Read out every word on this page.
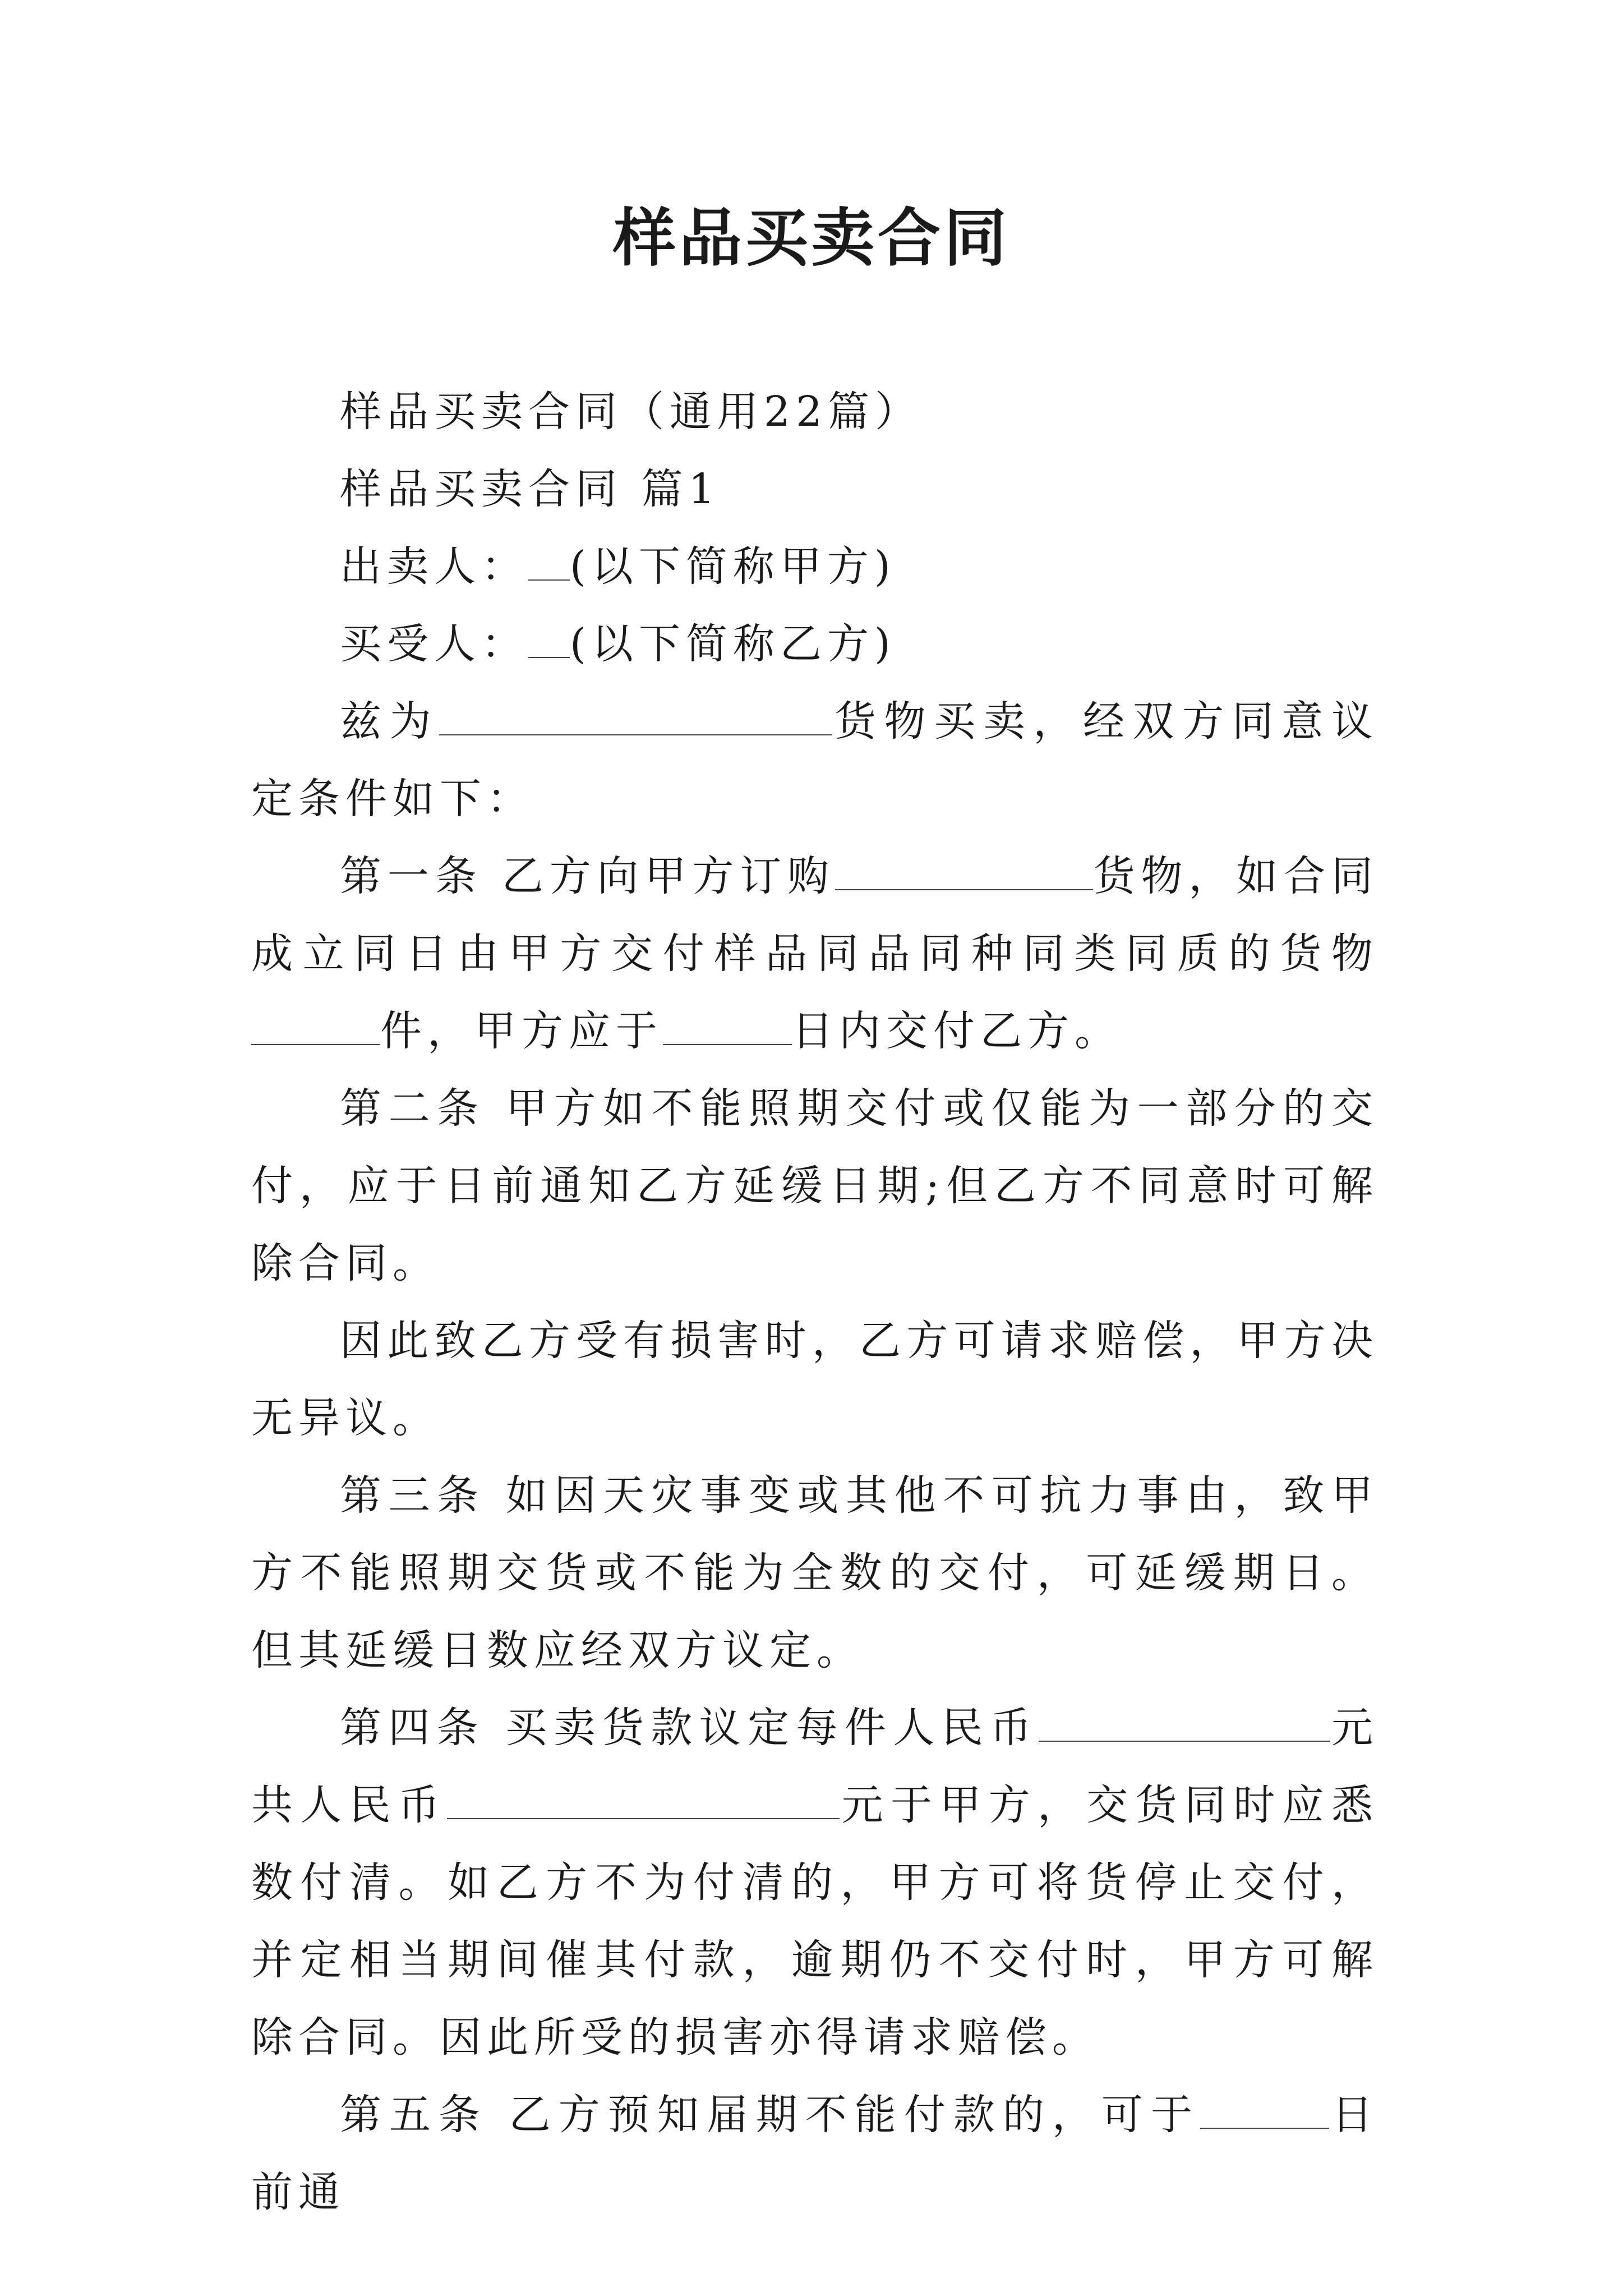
样品买卖合同

样品买卖合同（通用22篇）

样品买卖合同 篇1

出卖人： (以下简称甲方)

买受人： (以下简称乙方)

兹为	货物买卖，经双方同意议定条件如下：

第一条 乙方向甲方订购	货物，如合同成立同日由甲方交付样品同品同种同类同质的货物件，甲方应于	日内交付乙方。

第二条 甲方如不能照期交付或仅能为一部分的交付，应于日前通知乙方延缓日期;但乙方不同意时可解除合同。

因此致乙方受有损害时，乙方可请求赔偿，甲方决无异议。

第三条 如因天灾事变或其他不可抗力事由，致甲方不能照期交货或不能为全数的交付，可延缓期日。但其延缓日数应经双方议定。

第四条 买卖货款议定每件人民币	元共人民币	元于甲方，交货同时应悉数付清。如乙方不为付清的，甲方可将货停止交付，并定相当期间催其付款，逾期仍不交付时，甲方可解除合同。因此所受的损害亦得请求赔偿。

第五条 乙方预知届期不能付款的，可于	日前通
